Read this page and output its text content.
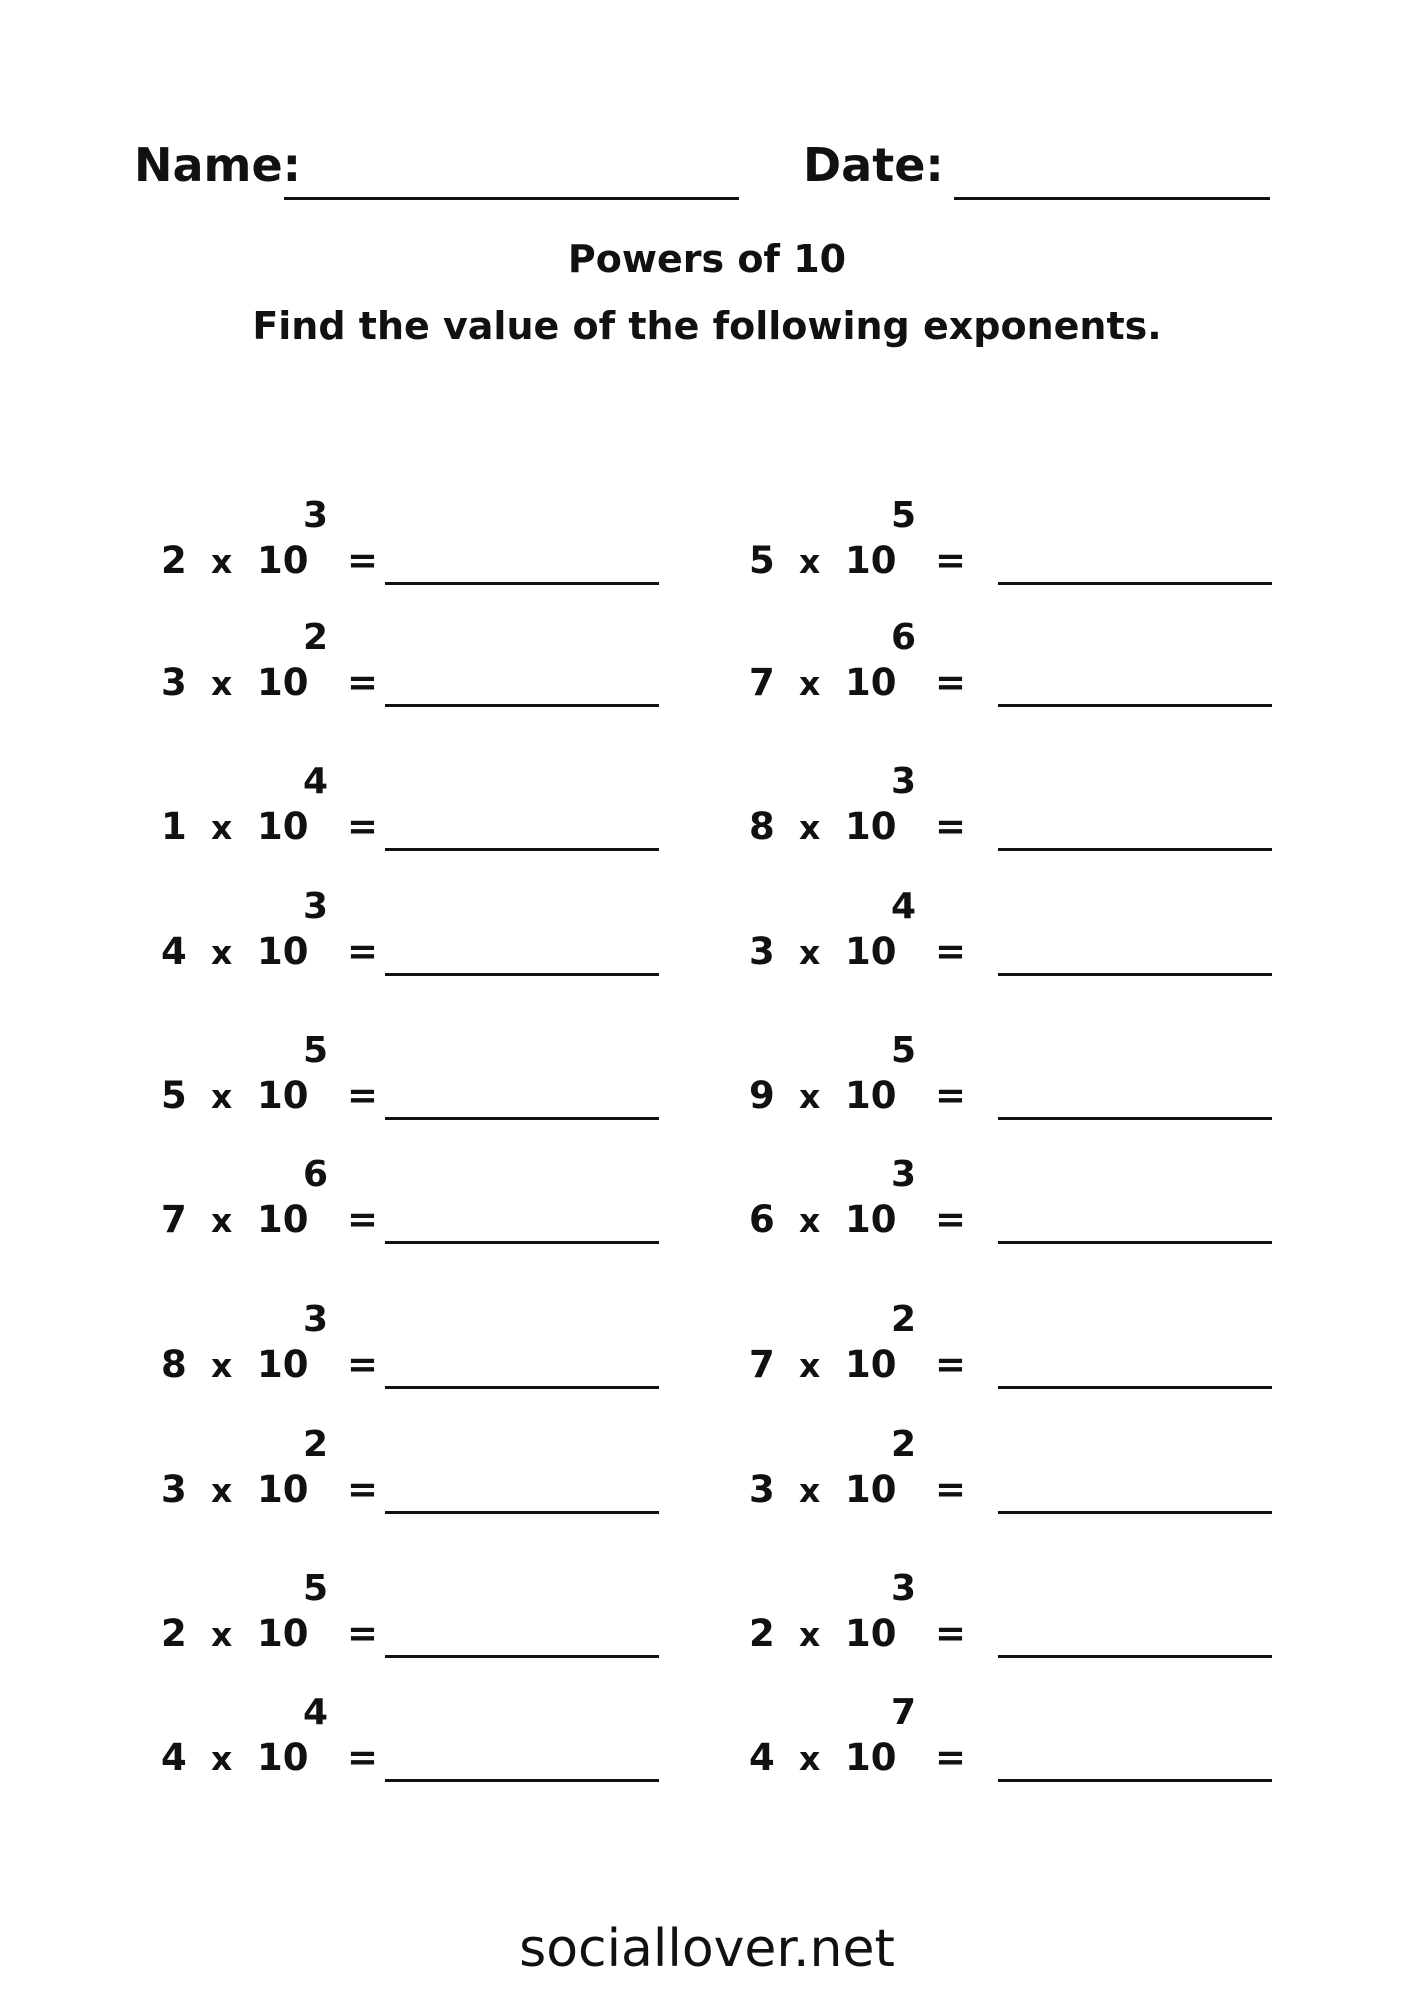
Name:	Date:
Powers of 10
Find the value of the following exponents.
2 x 10
3
=
3 x 10
2
=
1 x 10
4
=
4 x 10
3
=
5 x 10
5
=
7 x 10
6
=
8 x 10
3
=
3 x 10
2
=
2 x 10
5
=
4 x 10
4
=
5 x 10
5
=
7 x 10
6
=
8 x 10
3
=
3 x 10
4
=
9 x 10
5
=
6 x 10
3
=
7 x 10
2
=
3 x 10
2
=
2 x 10
3
=
4 x 10
7
=
sociallover.net
